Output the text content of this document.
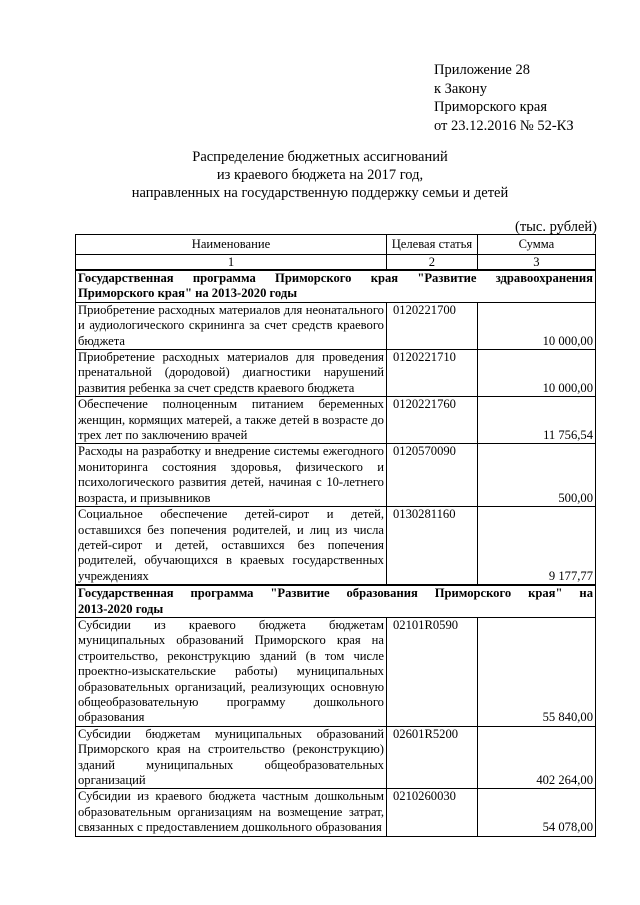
Приложение 28
к Закону
Приморского края
от 23.12.2016 № 52-КЗ
Распределение бюджетных ассигнований
из краевого бюджета на 2017 год,
направленных на государственную поддержку семьи и детей
(тыс. рублей)
Наименование	Целевая статья	Сумма
1	2	3

Государственная программа Приморского края "Развитие здравоохранения
Приморского края" на 2013-2020 годы		

Приобретение расходных материалов для неонатального и аудиологического скрининга за счет средств краевого бюджета	0120221700	10 000,00
Приобретение расходных материалов для проведения пренатальной (дородовой) диагностики нарушений развития ребенка за счет средств краевого бюджета	0120221710	10 000,00
Обеспечение полноценным питанием беременных женщин, кормящих матерей, а также детей в возрасте до трех лет по заключению врачей	0120221760	11 756,54
Расходы на разработку и внедрение системы ежегодного мониторинга состояния здоровья, физического и психологического развития детей, начиная с 10-летнего возраста, и призывников	0120570090	500,00
Социальное обеспечение детей-сирот и детей, оставшихся без попечения родителей, и лиц из числа детей-сирот и детей, оставшихся без попечения родителей, обучающихся в краевых государственных учреждениях	0130281160	9 177,77

Государственная программа "Развитие образования Приморского края" на
2013-2020 годы		

Субсидии из краевого бюджета бюджетам муниципальных образований Приморского края на строительство, реконструкцию зданий (в том числе проектно-изыскательские работы) муниципальных образовательных организаций, реализующих основную общеобразовательную программу дошкольного образования	02101R0590	55 840,00
Субсидии бюджетам муниципальных образований Приморского края на строительство (реконструкцию) зданий муниципальных общеобразовательных организаций	02601R5200	402 264,00
Субсидии из краевого бюджета частным дошкольным образовательным организациям на возмещение затрат, связанных с предоставлением дошкольного образования	0210260030	54 078,00
